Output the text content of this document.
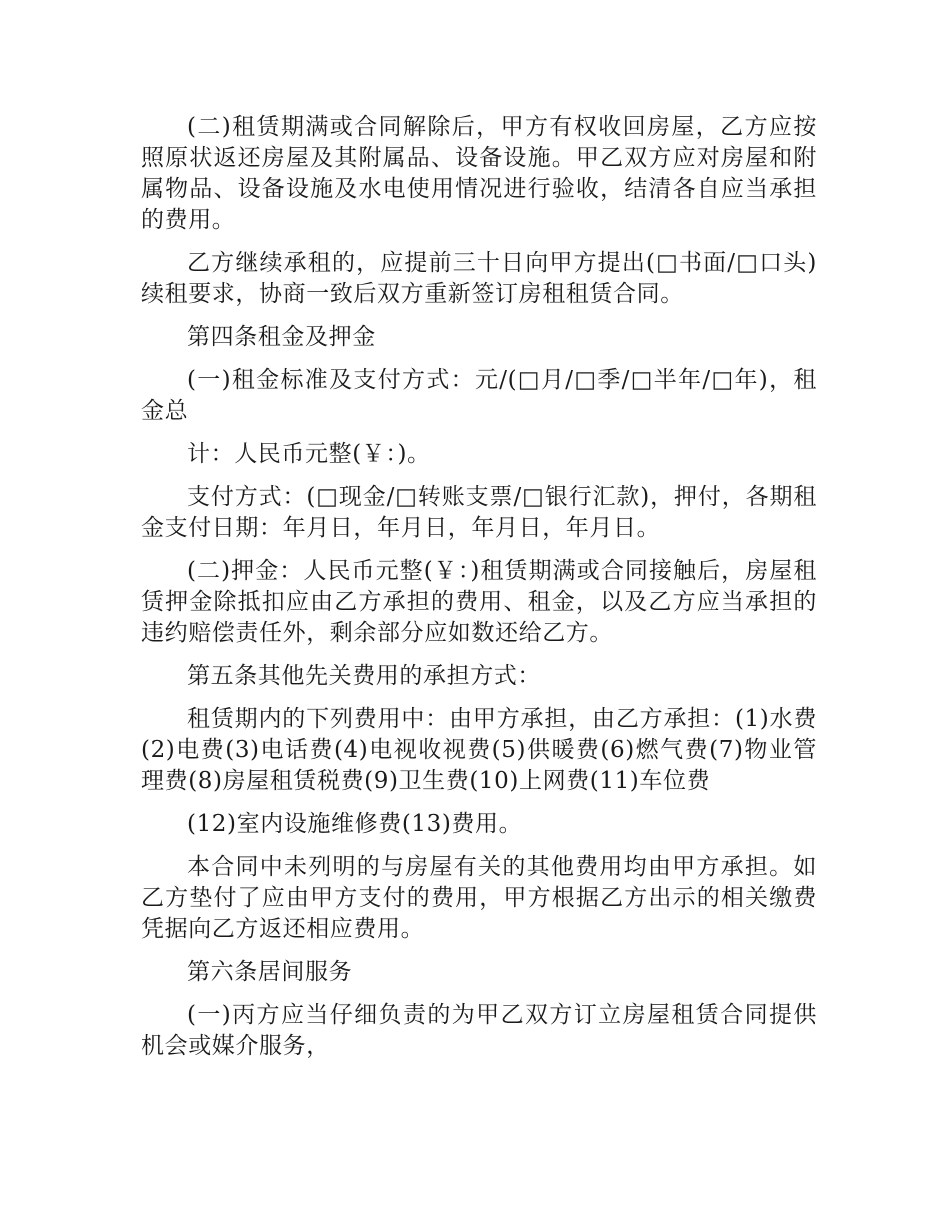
(二)租赁期满或合同解除后，甲方有权收回房屋，乙方应按照原状返还房屋及其附属品、设备设施。甲乙双方应对房屋和附属物品、设备设施及水电使用情况进行验收，结清各自应当承担的费用。

乙方继续承租的，应提前三十日向甲方提出(□书面/□口头)续租要求，协商一致后双方重新签订房租租赁合同。

第四条租金及押金

(一)租金标准及支付方式：元/(□月/□季/□半年/□年)，租金总

计：人民币元整(￥：)。

支付方式：(□现金/□转账支票/□银行汇款)，押付，各期租金支付日期：年月日，年月日，年月日，年月日。

(二)押金：人民币元整(￥：)租赁期满或合同接触后，房屋租赁押金除抵扣应由乙方承担的费用、租金，以及乙方应当承担的违约赔偿责任外，剩余部分应如数还给乙方。

第五条其他先关费用的承担方式：

租赁期内的下列费用中：由甲方承担，由乙方承担：(1)水费(2)电费(3)电话费(4)电视收视费(5)供暖费(6)燃气费(7)物业管理费(8)房屋租赁税费(9)卫生费(10)上网费(11)车位费

(12)室内设施维修费(13)费用。

本合同中未列明的与房屋有关的其他费用均由甲方承担。如乙方垫付了应由甲方支付的费用，甲方根据乙方出示的相关缴费凭据向乙方返还相应费用。

第六条居间服务

(一)丙方应当仔细负责的为甲乙双方订立房屋租赁合同提供机会或媒介服务，
